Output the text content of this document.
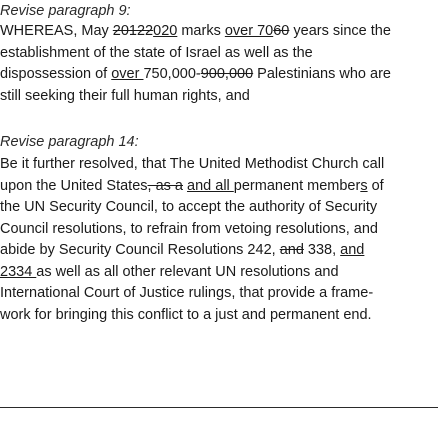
Revise paragraph 9:

WHEREAS, May 20122020 marks over 7060 years since the
establishment of the state of Israel as well as the
dispossession of over 750,000-900,000 Palestinians who are
still seeking their full human rights, and

Revise paragraph 14:

Be it further resolved, that The United Methodist Church call
upon the United States, as a and all permanent members of
the UN Security Council, to accept the authority of Security
Council resolutions, to refrain from vetoing resolutions, and
abide by Security Council Resolutions 242, and 338, and
2334 as well as all other relevant UN resolutions and
International Court of Justice rulings, that provide a frame-
work for bringing this conflict to a just and permanent end.
